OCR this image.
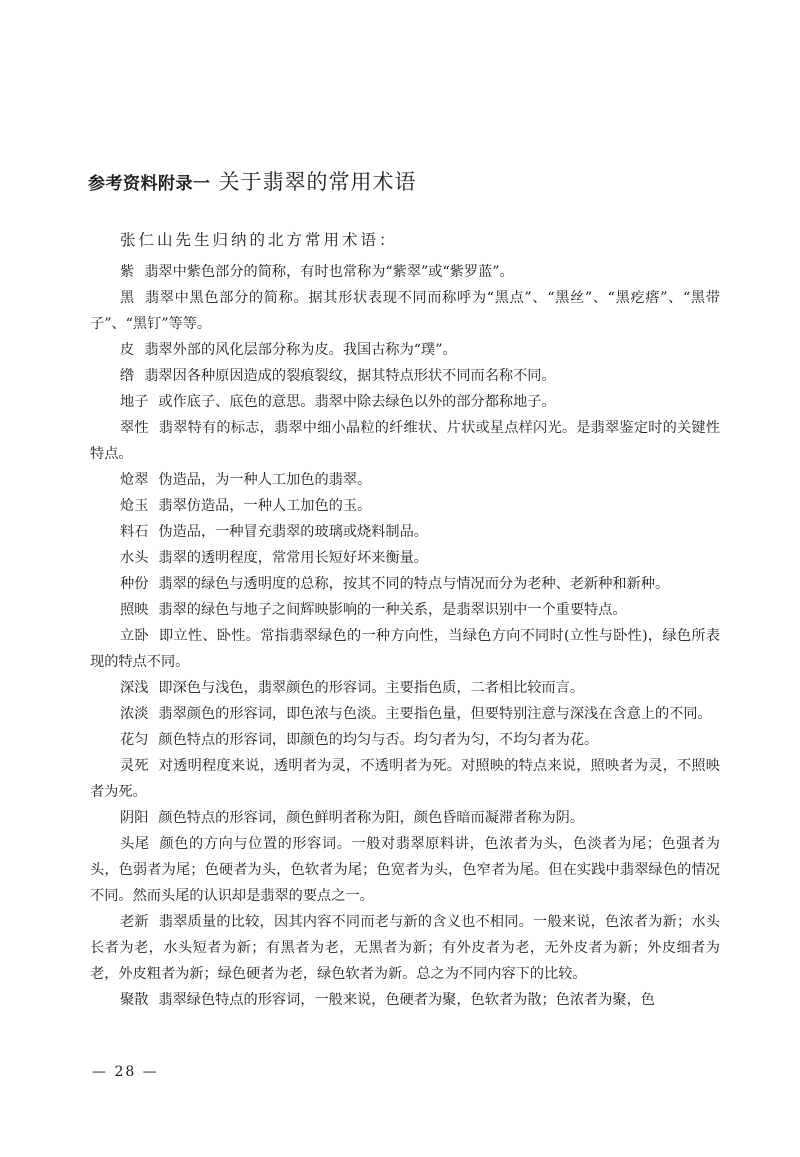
参考资料附录一 关于翡翠的常用术语
张仁山先生归纳的北方常用术语：

紫 翡翠中紫色部分的简称，有时也常称为“紫翠”或“紫罗蓝”。

黑 翡翠中黑色部分的简称。据其形状表现不同而称呼为“黑点”、“黑丝”、“黑疙瘩”、“黑带子”、“黑钉”等等。

皮 翡翠外部的风化层部分称为皮。我国古称为“璞”。

绺 翡翠因各种原因造成的裂痕裂纹，据其特点形状不同而名称不同。

地子 或作底子、底色的意思。翡翠中除去绿色以外的部分都称地子。

翠性 翡翠特有的标志，翡翠中细小晶粒的纤维状、片状或星点样闪光。是翡翠鉴定时的关键性特点。

炝翠 伪造品，为一种人工加色的翡翠。

炝玉 翡翠仿造品，一种人工加色的玉。

料石 伪造品，一种冒充翡翠的玻璃或烧料制品。

水头 翡翠的透明程度，常常用长短好坏来衡量。

种份 翡翠的绿色与透明度的总称，按其不同的特点与情况而分为老种、老新种和新种。

照映 翡翠的绿色与地子之间辉映影响的一种关系，是翡翠识别中一个重要特点。

立卧 即立性、卧性。常指翡翠绿色的一种方向性，当绿色方向不同时(立性与卧性)，绿色所表现的特点不同。

深浅 即深色与浅色，翡翠颜色的形容词。主要指色质，二者相比较而言。

浓淡 翡翠颜色的形容词，即色浓与色淡。主要指色量，但要特别注意与深浅在含意上的不同。

花匀 颜色特点的形容词，即颜色的均匀与否。均匀者为匀，不均匀者为花。

灵死 对透明程度来说，透明者为灵，不透明者为死。对照映的特点来说，照映者为灵，不照映者为死。

阴阳 颜色特点的形容词，颜色鲜明者称为阳，颜色昏暗而凝滞者称为阴。

头尾 颜色的方向与位置的形容词。一般对翡翠原料讲，色浓者为头，色淡者为尾；色强者为头，色弱者为尾；色硬者为头，色软者为尾；色宽者为头，色窄者为尾。但在实践中翡翠绿色的情况不同。然而头尾的认识却是翡翠的要点之一。

老新 翡翠质量的比较，因其内容不同而老与新的含义也不相同。一般来说，色浓者为新；水头长者为老，水头短者为新；有黑者为老，无黑者为新；有外皮者为老，无外皮者为新；外皮细者为老，外皮粗者为新；绿色硬者为老，绿色软者为新。总之为不同内容下的比较。

聚散 翡翠绿色特点的形容词，一般来说，色硬者为聚，色软者为散；色浓者为聚，色

— 28 —
